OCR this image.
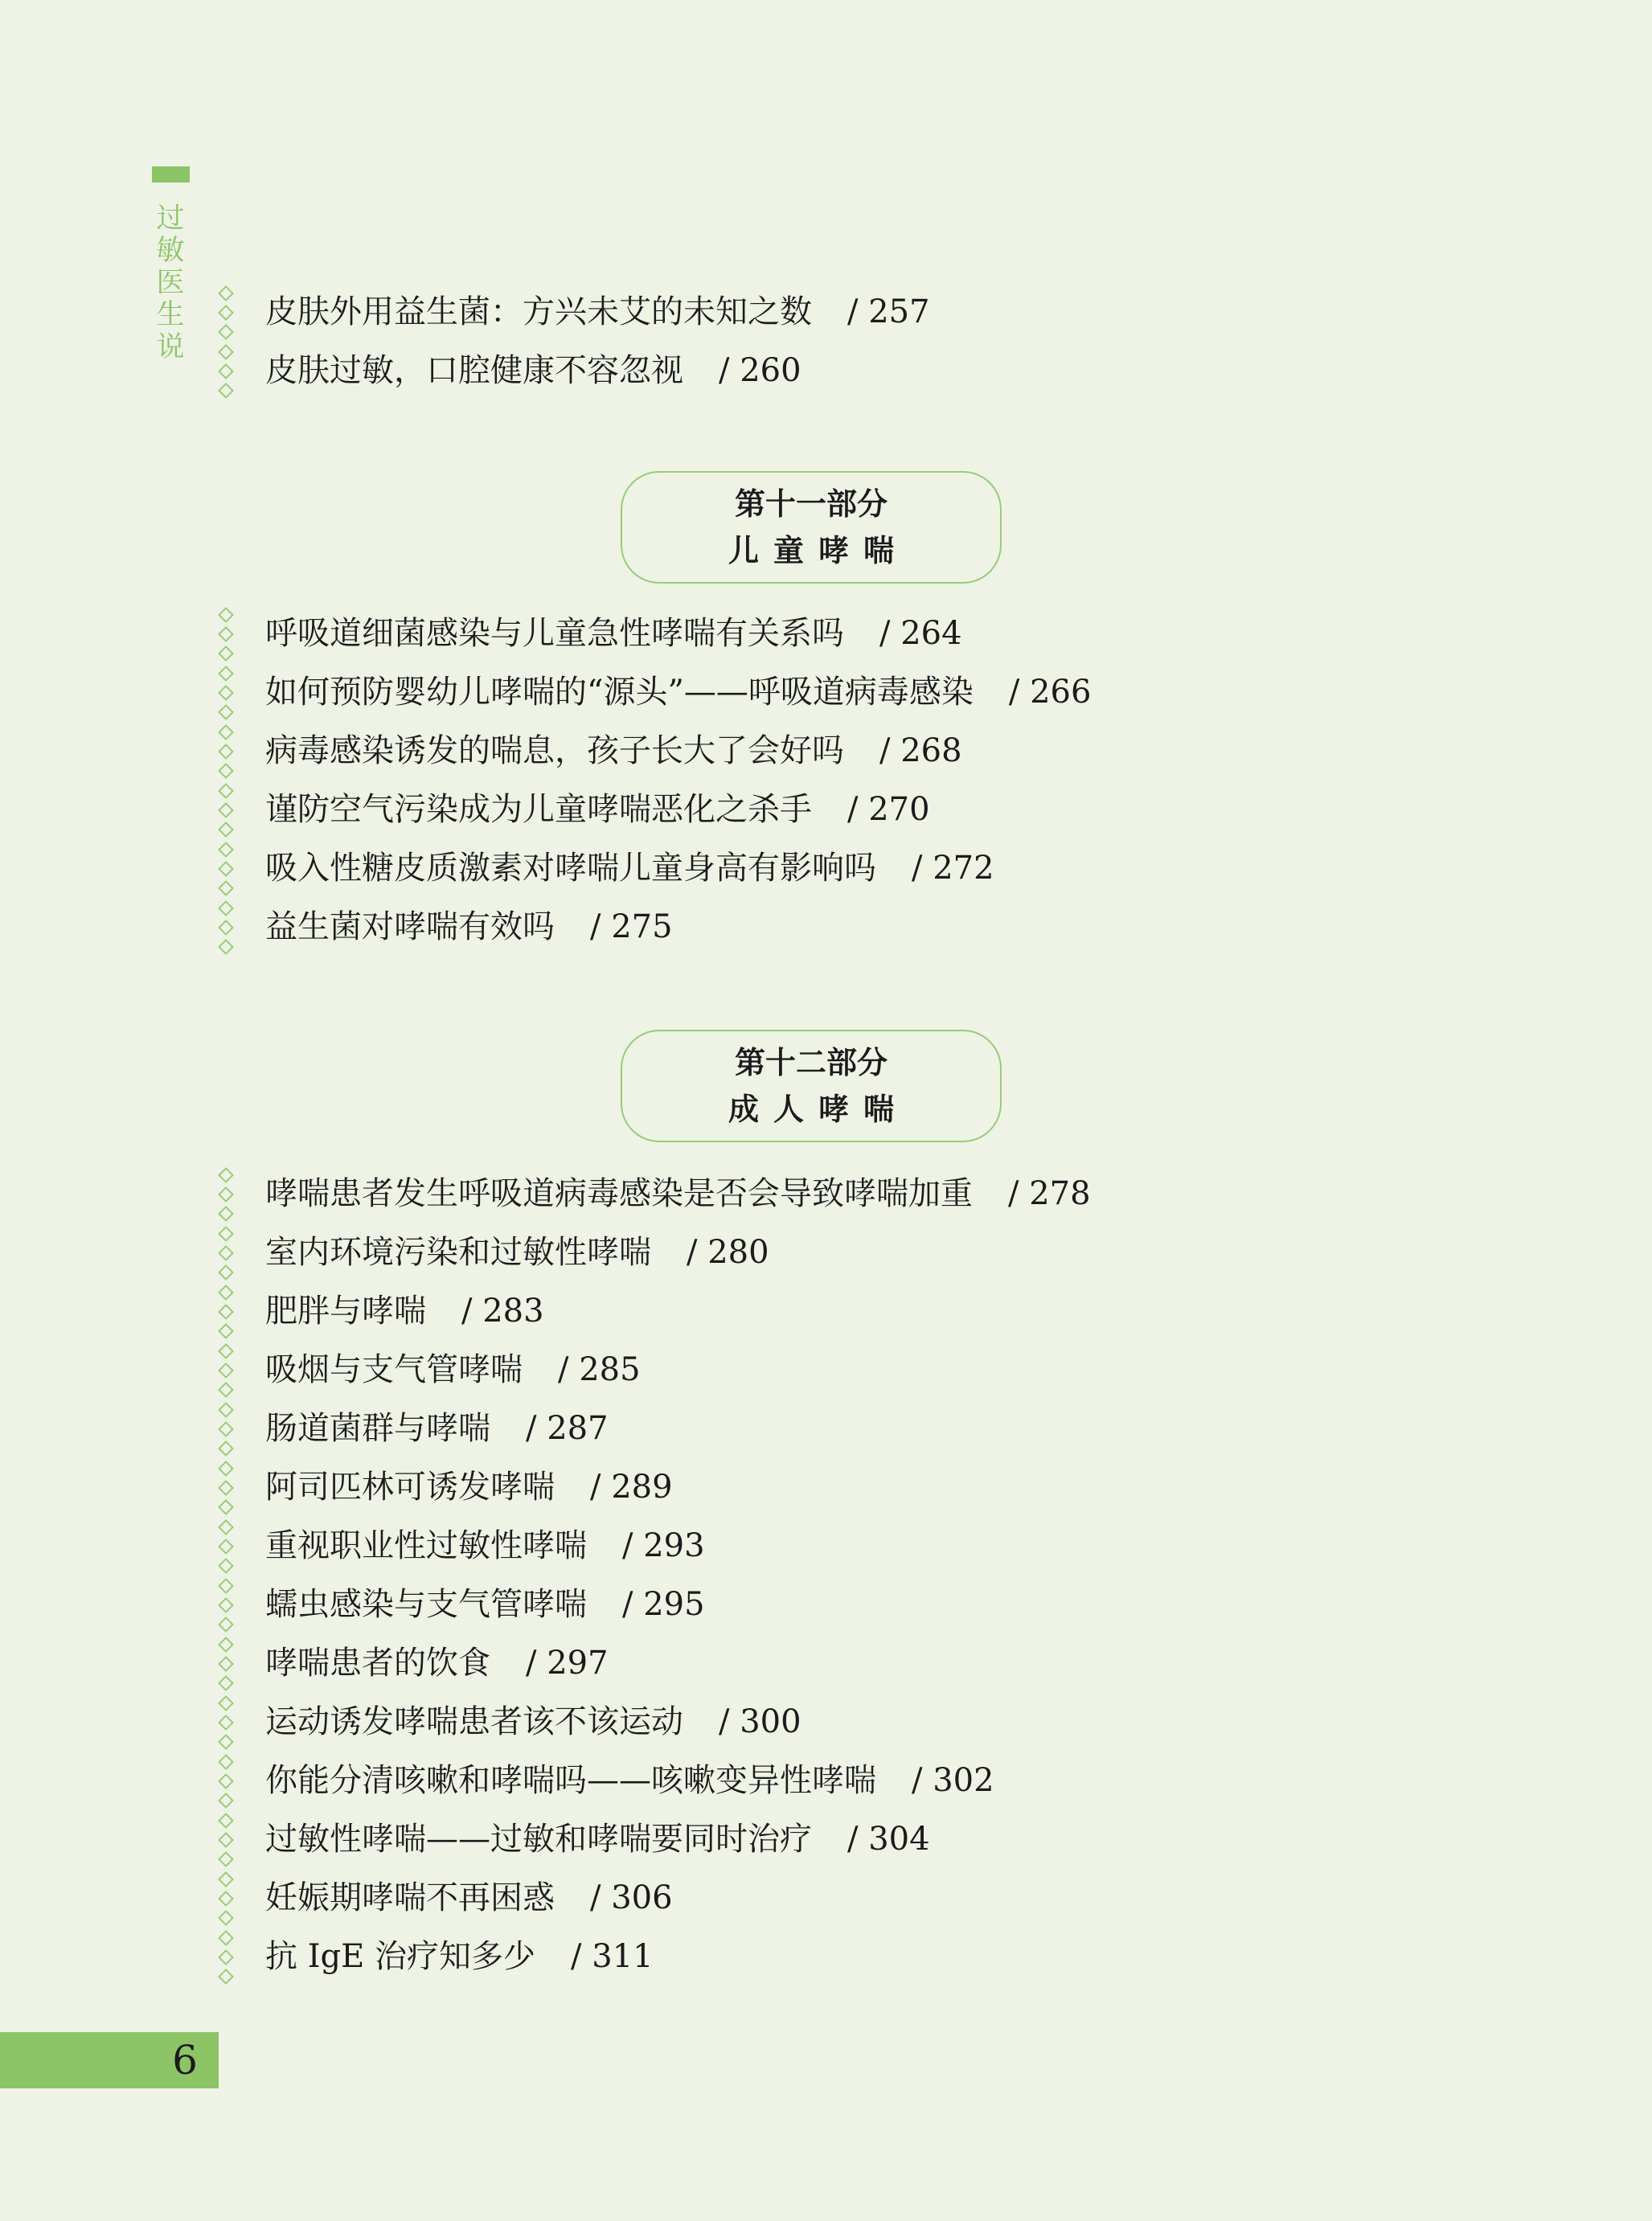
过敏医生说
皮肤外用益生菌：方兴未艾的未知之数 / 257
皮肤过敏，口腔健康不容忽视 / 260
第十一部分
儿童哮喘
呼吸道细菌感染与儿童急性哮喘有关系吗 / 264
如何预防婴幼儿哮喘的“源头”——呼吸道病毒感染 / 266
病毒感染诱发的喘息，孩子长大了会好吗 / 268
谨防空气污染成为儿童哮喘恶化之杀手 / 270
吸入性糖皮质激素对哮喘儿童身高有影响吗 / 272
益生菌对哮喘有效吗 / 275
第十二部分
成人哮喘
哮喘患者发生呼吸道病毒感染是否会导致哮喘加重 / 278
室内环境污染和过敏性哮喘 / 280
肥胖与哮喘 / 283
吸烟与支气管哮喘 / 285
肠道菌群与哮喘 / 287
阿司匹林可诱发哮喘 / 289
重视职业性过敏性哮喘 / 293
蠕虫感染与支气管哮喘 / 295
哮喘患者的饮食 / 297
运动诱发哮喘患者该不该运动 / 300
你能分清咳嗽和哮喘吗——咳嗽变异性哮喘 / 302
过敏性哮喘——过敏和哮喘要同时治疗 / 304
妊娠期哮喘不再困惑 / 306
抗 IgE 治疗知多少 / 311
6
